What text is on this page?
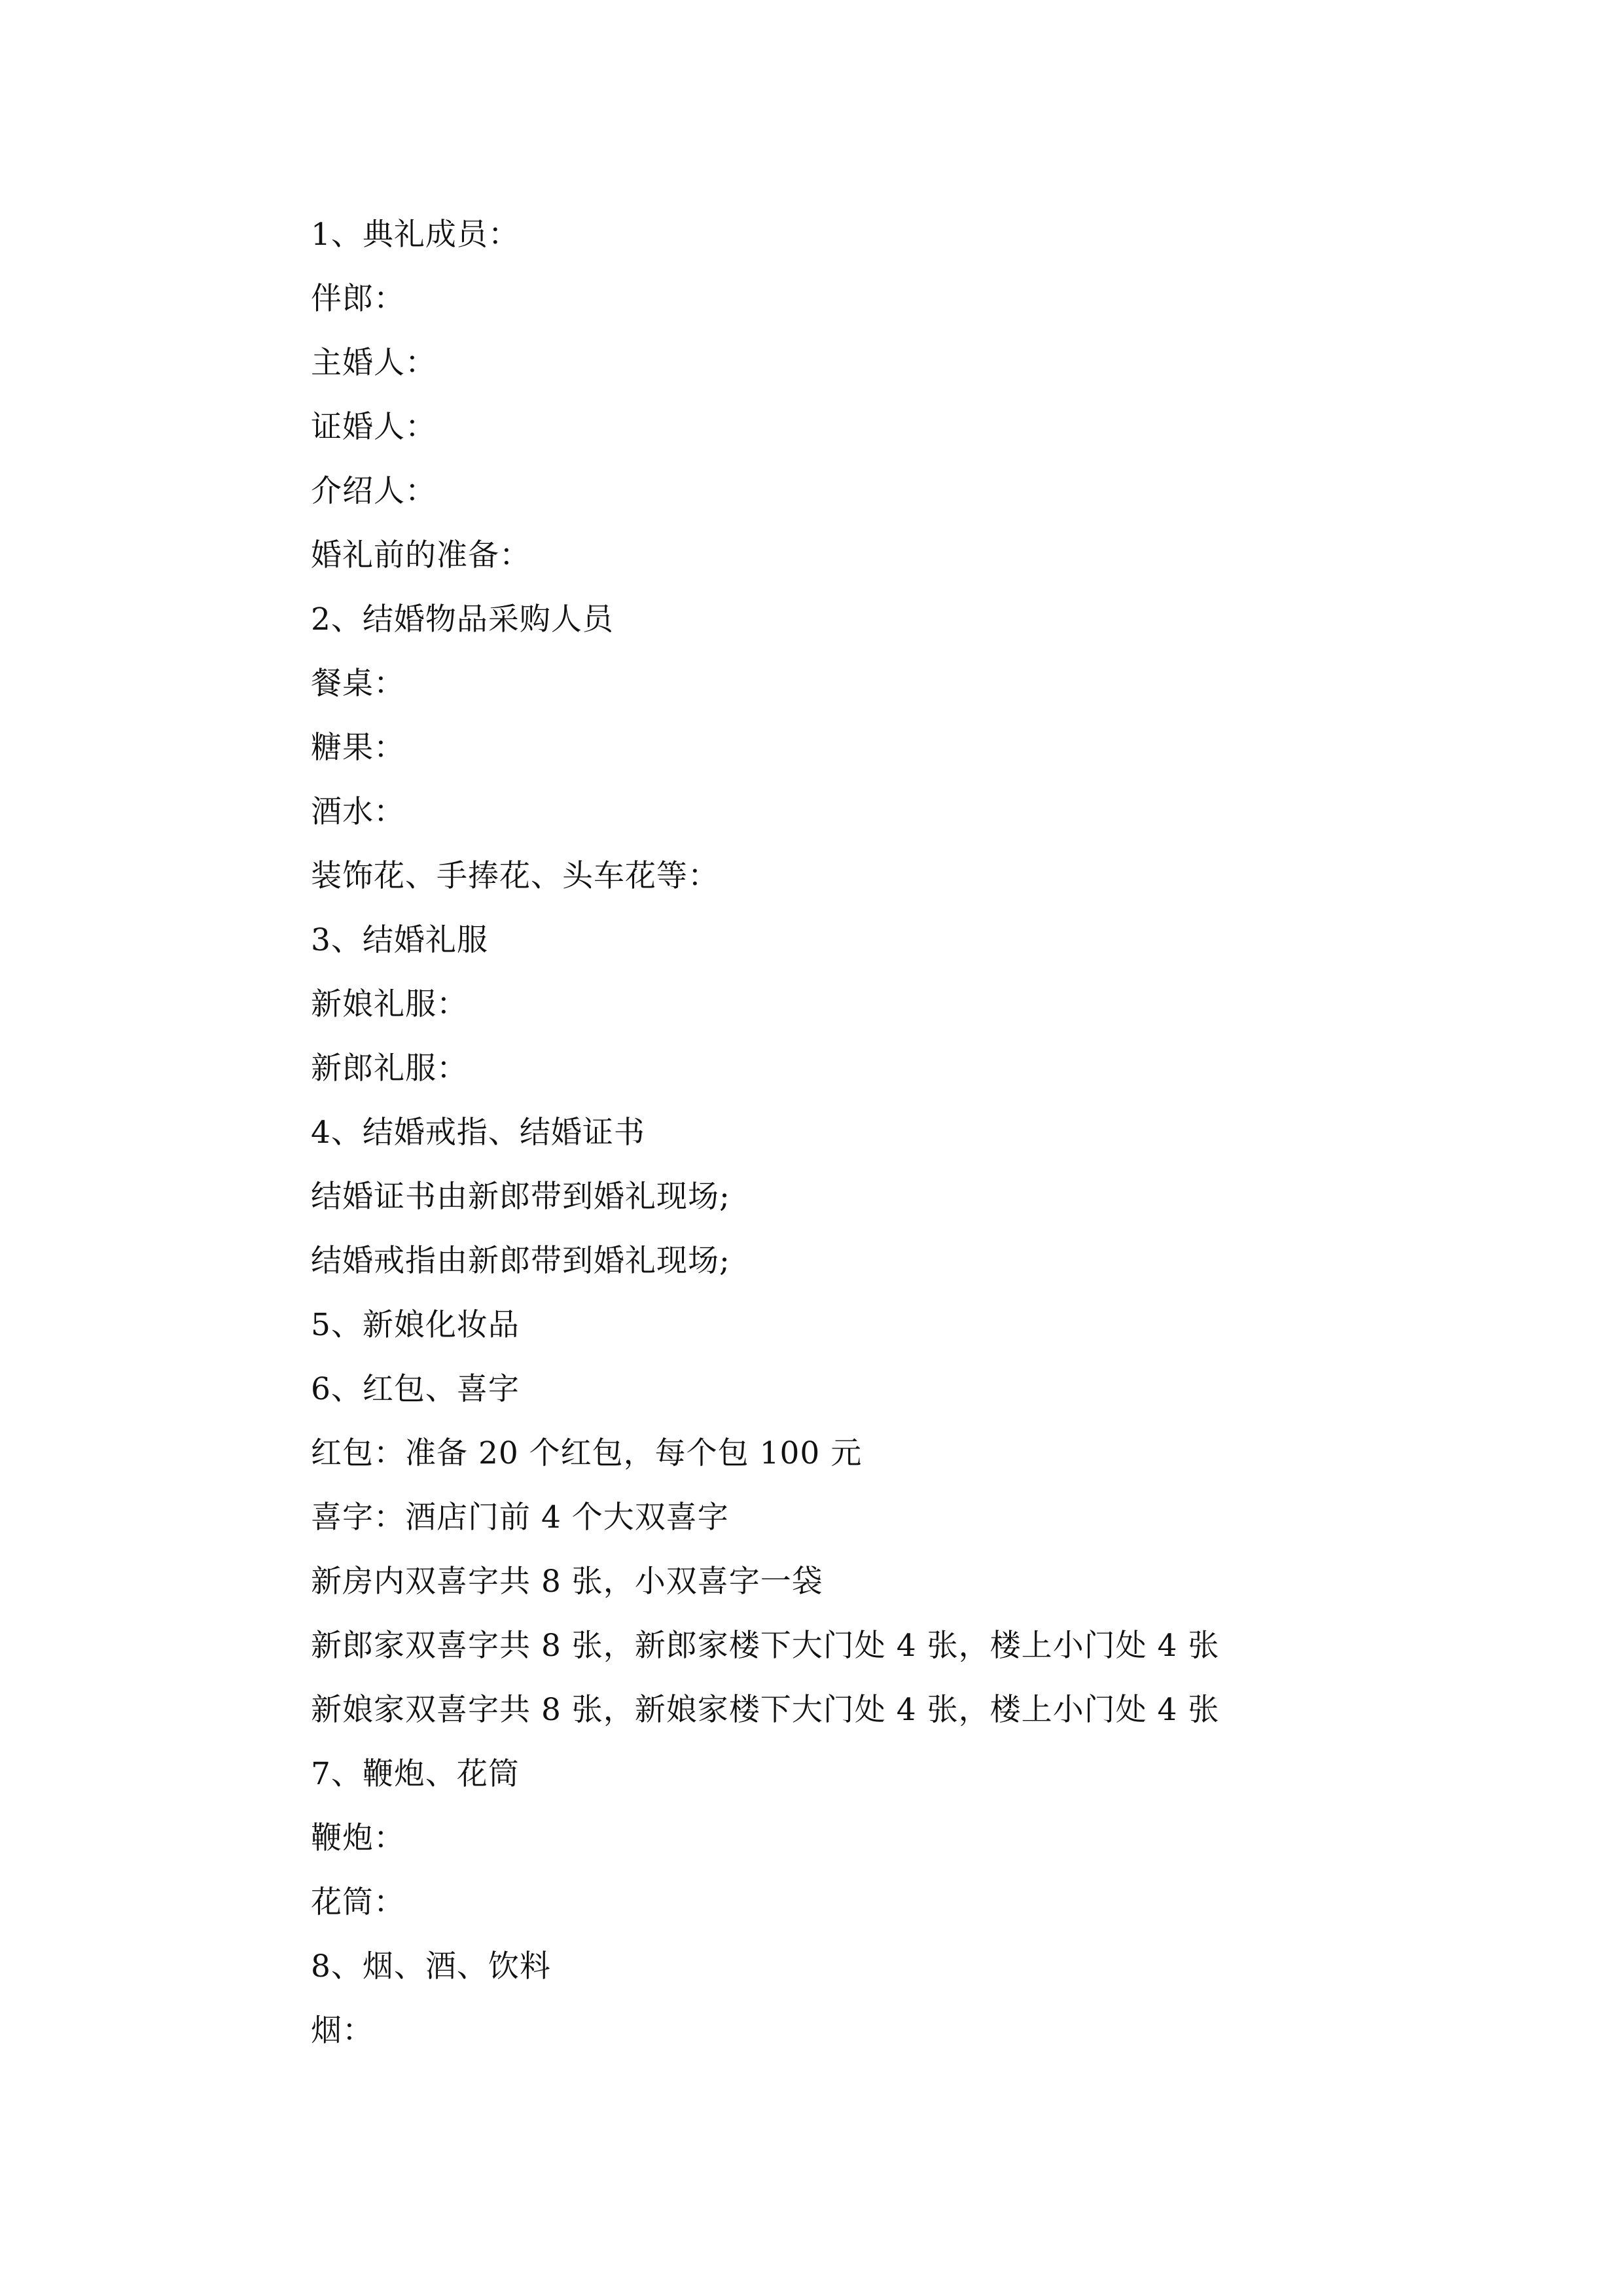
1、典礼成员：
伴郎：
主婚人：
证婚人：
介绍人：
婚礼前的准备：
2、结婚物品采购人员
餐桌：
糖果：
酒水：
装饰花、手捧花、头车花等：
3、结婚礼服
新娘礼服：
新郎礼服：
4、结婚戒指、结婚证书
结婚证书由新郎带到婚礼现场;
结婚戒指由新郎带到婚礼现场;
5、新娘化妆品
6、红包、喜字
红包：准备 20 个红包，每个包 100 元
喜字：酒店门前 4 个大双喜字
新房内双喜字共 8 张，小双喜字一袋
新郎家双喜字共 8 张，新郎家楼下大门处 4 张，楼上小门处 4 张
新娘家双喜字共 8 张，新娘家楼下大门处 4 张，楼上小门处 4 张
7、鞭炮、花筒
鞭炮：
花筒：
8、烟、酒、饮料
烟：
